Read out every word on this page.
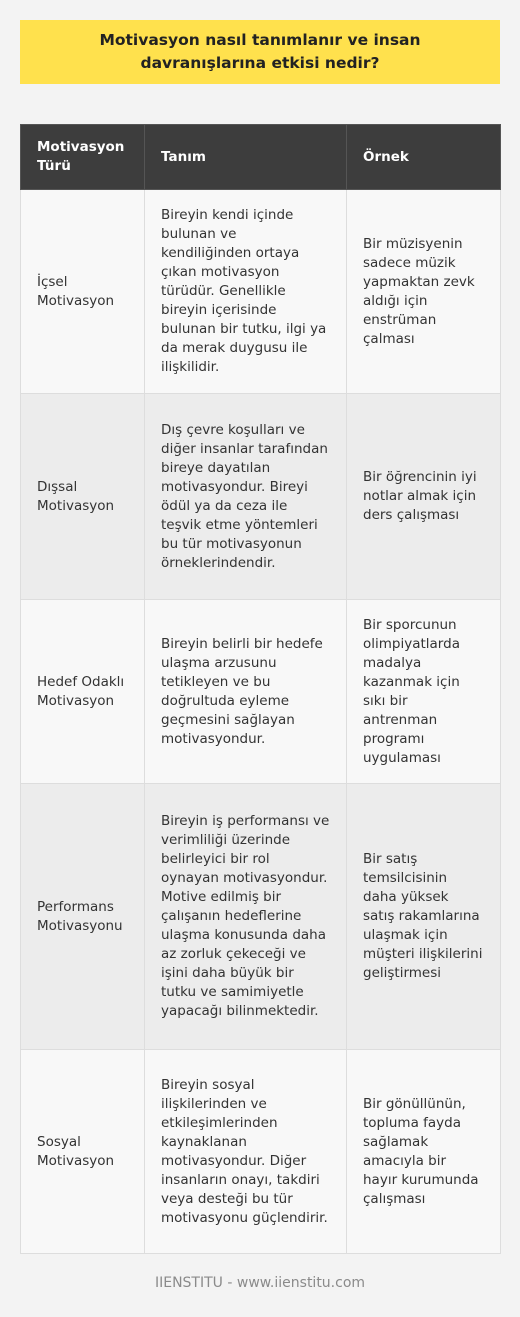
Motivasyon nasıl tanımlanır ve insan davranışlarına etkisi nedir?
Motivasyon Türü	Tanım	Örnek
İçsel Motivasyon	Bireyin kendi içinde bulunan ve kendiliğinden ortaya çıkan motivasyon türüdür. Genellikle bireyin içerisinde bulunan bir tutku, ilgi ya da merak duygusu ile ilişkilidir.	Bir müzisyenin sadece müzik yapmaktan zevk aldığı için enstrüman çalması
Dışsal Motivasyon	Dış çevre koşulları ve diğer insanlar tarafından bireye dayatılan motivasyondur. Bireyi ödül ya da ceza ile teşvik etme yöntemleri bu tür motivasyonun örneklerindendir.	Bir öğrencinin iyi notlar almak için ders çalışması
Hedef Odaklı Motivasyon	Bireyin belirli bir hedefe ulaşma arzusunu tetikleyen ve bu doğrultuda eyleme geçmesini sağlayan motivasyondur.	Bir sporcunun olimpiyatlarda madalya kazanmak için sıkı bir antrenman programı uygulaması
Performans Motivasyonu	Bireyin iş performansı ve verimliliği üzerinde belirleyici bir rol oynayan motivasyondur. Motive edilmiş bir çalışanın hedeflerine ulaşma konusunda daha az zorluk çekeceği ve işini daha büyük bir tutku ve samimiyetle yapacağı bilinmektedir.	Bir satış temsilcisinin daha yüksek satış rakamlarına ulaşmak için müşteri ilişkilerini geliştirmesi
Sosyal Motivasyon	Bireyin sosyal ilişkilerinden ve etkileşimlerinden kaynaklanan motivasyondur. Diğer insanların onayı, takdiri veya desteği bu tür motivasyonu güçlendirir.	Bir gönüllünün, topluma fayda sağlamak amacıyla bir hayır kurumunda çalışması
IIENSTITU - www.iienstitu.com
